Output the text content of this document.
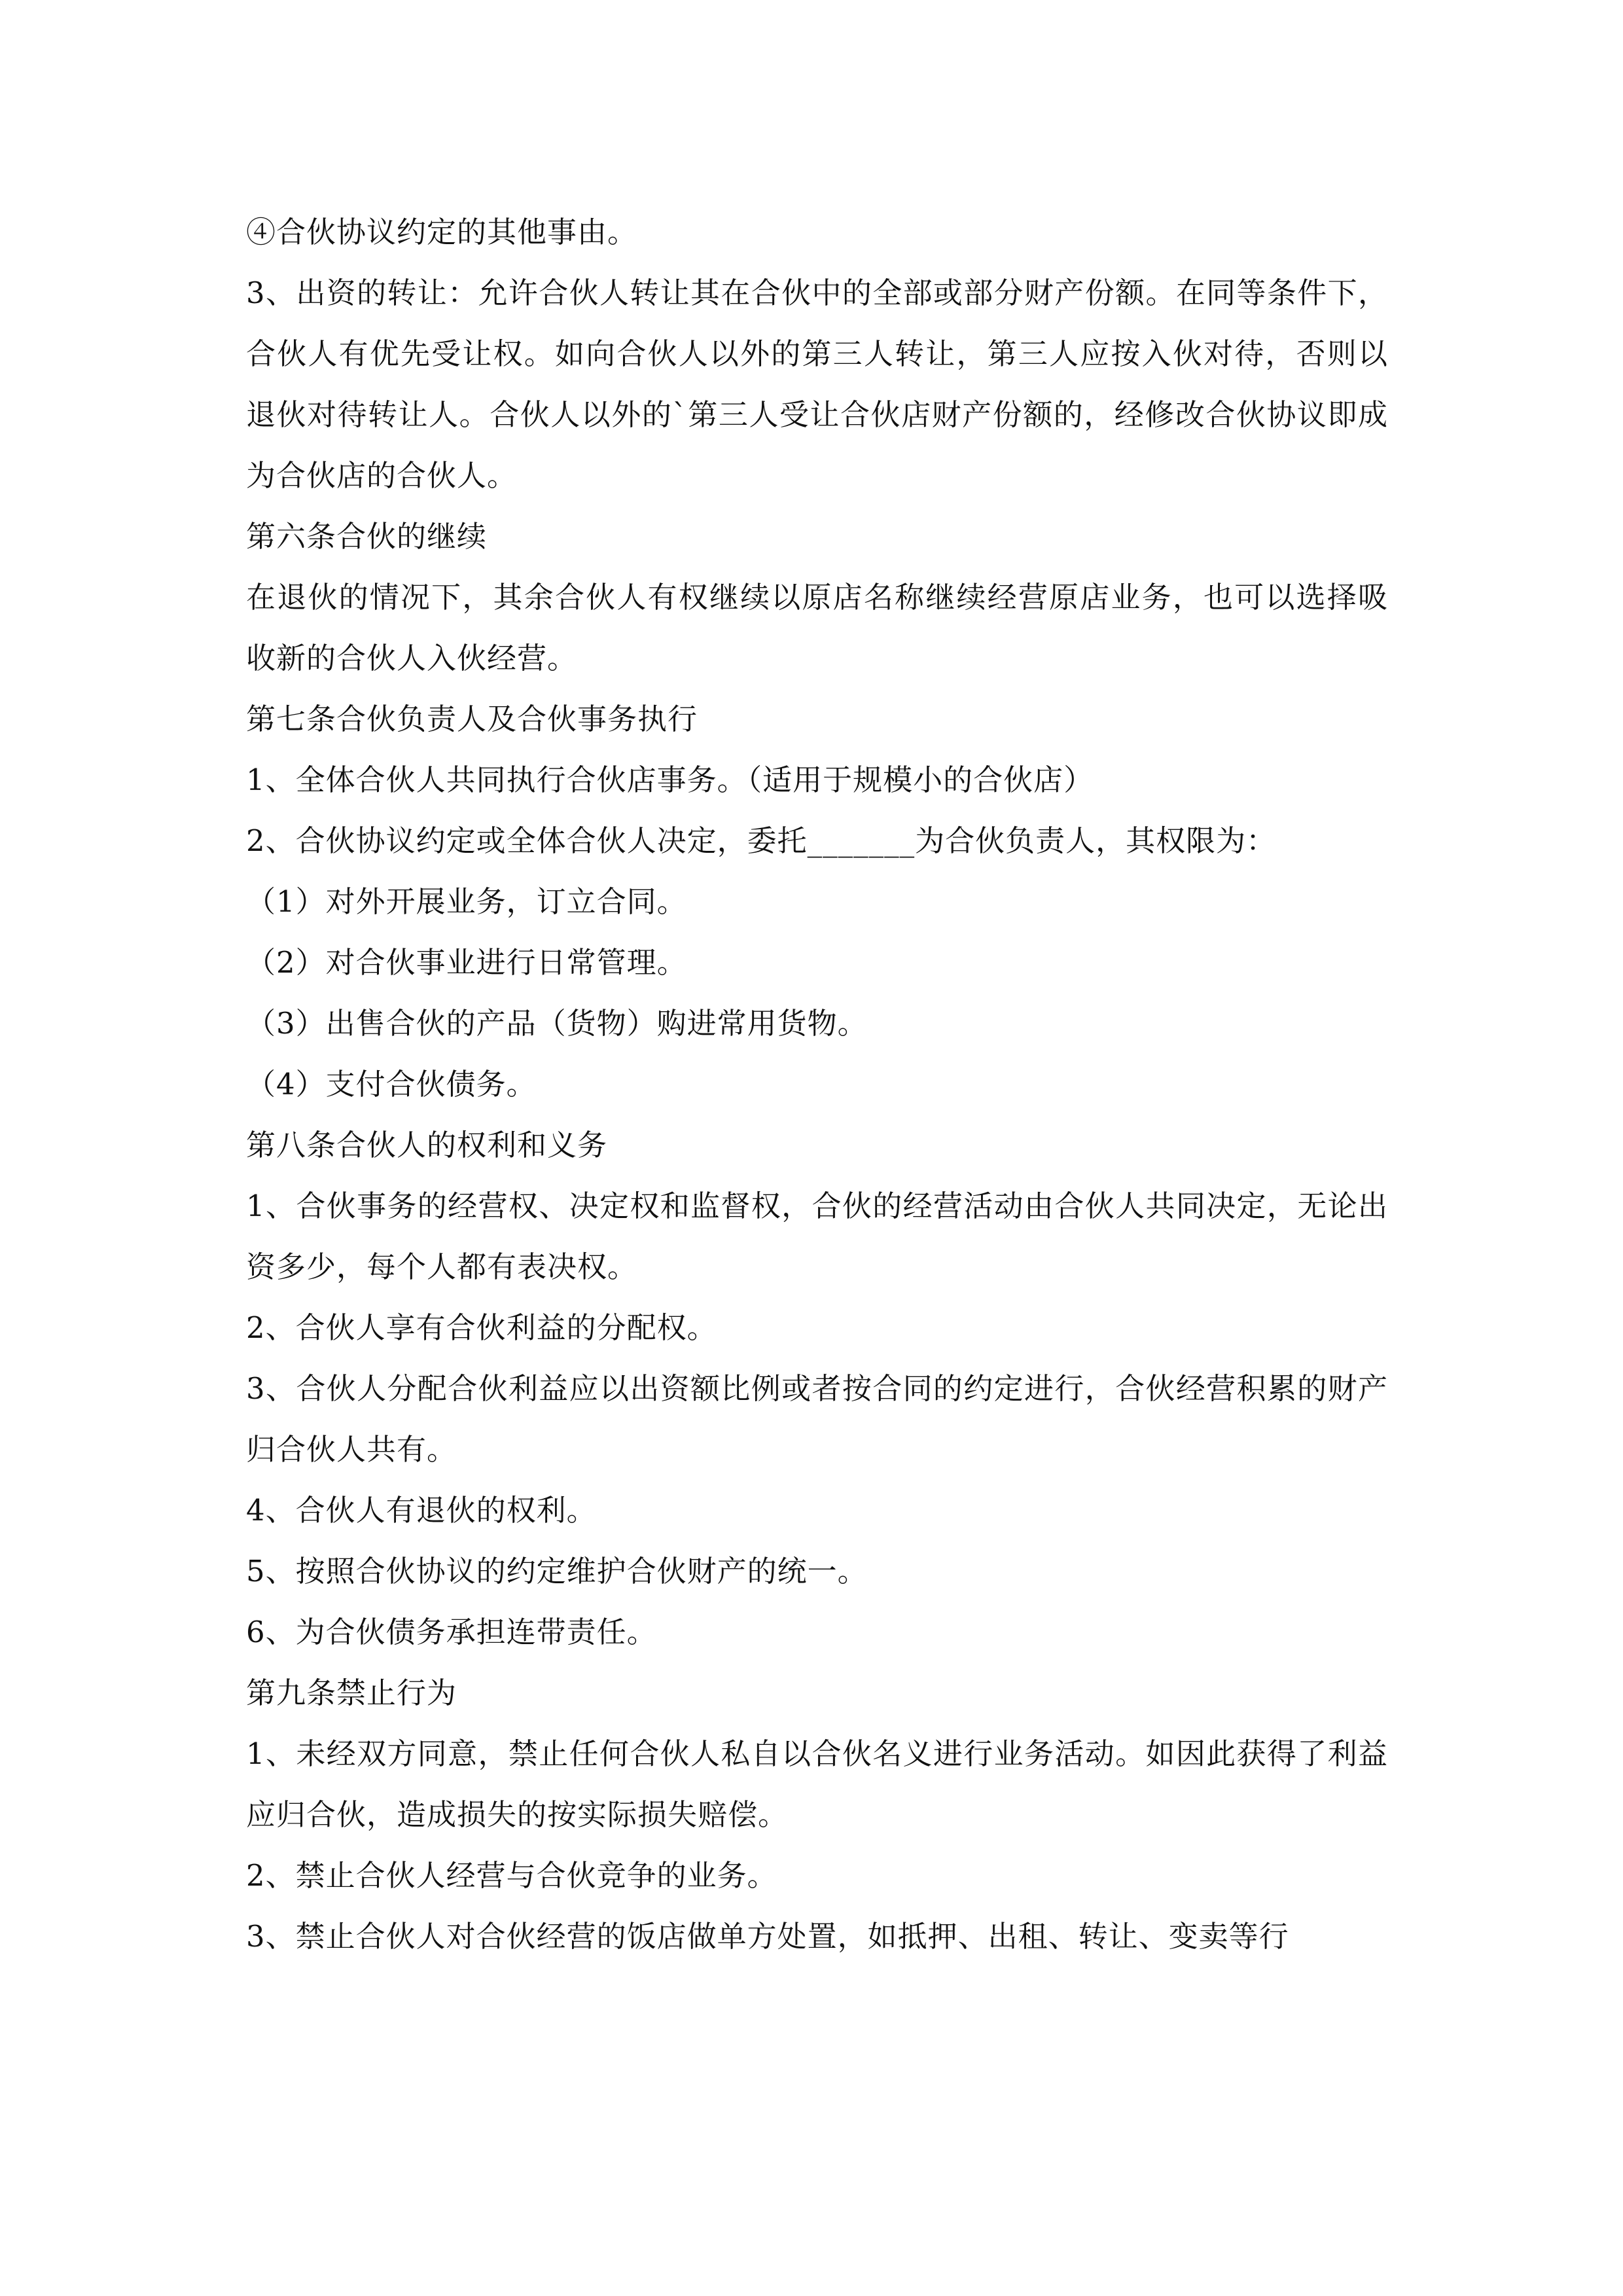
④合伙协议约定的其他事由。

3、出资的转让：允许合伙人转让其在合伙中的全部或部分财产份额。在同等条件下，合伙人有优先受让权。如向合伙人以外的第三人转让，第三人应按入伙对待，否则以退伙对待转让人。合伙人以外的`第三人受让合伙店财产份额的，经修改合伙协议即成为合伙店的合伙人。

第六条合伙的继续

在退伙的情况下，其余合伙人有权继续以原店名称继续经营原店业务，也可以选择吸收新的合伙人入伙经营。

第七条合伙负责人及合伙事务执行

1、全体合伙人共同执行合伙店事务。（适用于规模小的合伙店）

2、合伙协议约定或全体合伙人决定，委托_______为合伙负责人，其权限为：

（1）对外开展业务，订立合同。

（2）对合伙事业进行日常管理。

（3）出售合伙的产品（货物）购进常用货物。

（4）支付合伙债务。

第八条合伙人的权利和义务

1、合伙事务的经营权、决定权和监督权，合伙的经营活动由合伙人共同决定，无论出资多少，每个人都有表决权。

2、合伙人享有合伙利益的分配权。

3、合伙人分配合伙利益应以出资额比例或者按合同的约定进行，合伙经营积累的财产归合伙人共有。

4、合伙人有退伙的权利。

5、按照合伙协议的约定维护合伙财产的统一。

6、为合伙债务承担连带责任。

第九条禁止行为

1、未经双方同意，禁止任何合伙人私自以合伙名义进行业务活动。如因此获得了利益应归合伙，造成损失的按实际损失赔偿。

2、禁止合伙人经营与合伙竞争的业务。

3、禁止合伙人对合伙经营的饭店做单方处置，如抵押、出租、转让、变卖等行
